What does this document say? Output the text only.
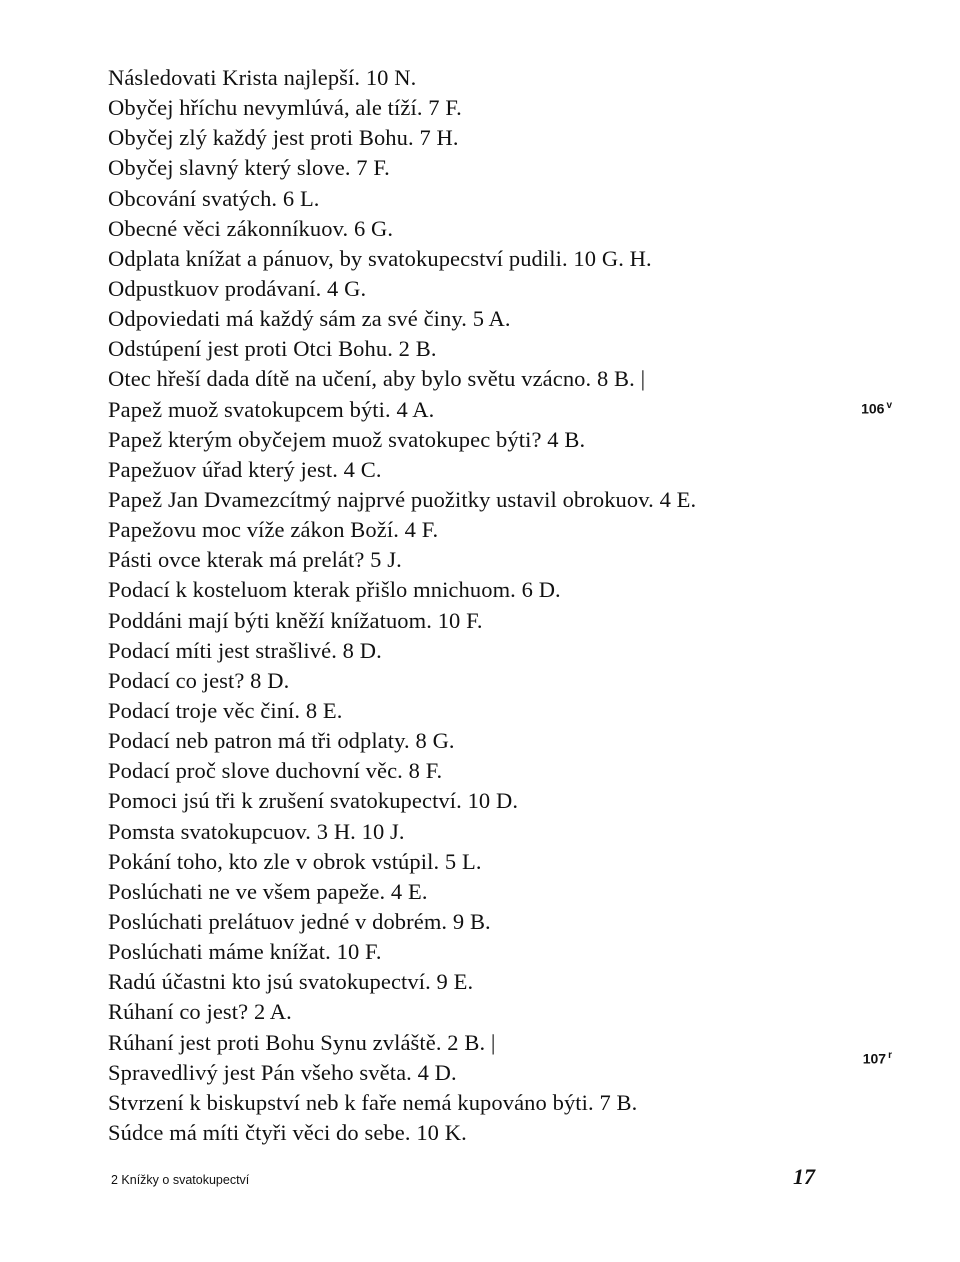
Následovati Krista najlepší. 10 N.
Obyčej hříchu nevymlúvá, ale tíží. 7 F.
Obyčej zlý každý jest proti Bohu. 7 H.
Obyčej slavný který slove. 7 F.
Obcování svatých. 6 L.
Obecné věci zákonníkuov. 6 G.
Odplata knížat a pánuov, by svatokupecství pudili. 10 G. H.
Odpustkuov prodávaní. 4 G.
Odpoviedati má každý sám za své činy. 5 A.
Odstúpení jest proti Otci Bohu. 2 B.
Otec hřeší dada dítě na učení, aby bylo světu vzácno. 8 B. |
Papež muož svatokupcem býti. 4 A.
Papež kterým obyčejem muož svatokupec býti? 4 B.
Papežuov úřad který jest. 4 C.
Papež Jan Dvamezcítmý najprvé puožitky ustavil obrokuov. 4 E.
Papežovu moc víže zákon Boží. 4 F.
Pásti ovce kterak má prelát? 5 J.
Podací k kosteluom kterak přišlo mnichuom. 6 D.
Poddáni mají býti kněží knížatuom. 10 F.
Podací míti jest strašlivé. 8 D.
Podací co jest? 8 D.
Podací troje věc činí. 8 E.
Podací neb patron má tři odplaty. 8 G.
Podací proč slove duchovní věc. 8 F.
Pomoci jsú tři k zrušení svatokupectví. 10 D.
Pomsta svatokupcuov. 3 H. 10 J.
Pokání toho, kto zle v obrok vstúpil. 5 L.
Poslúchati ne ve všem papeže. 4 E.
Poslúchati prelátuov jedné v dobrém. 9 B.
Poslúchati máme knížat. 10 F.
Radú účastni kto jsú svatokupectví. 9 E.
Rúhaní co jest? 2 A.
Rúhaní jest proti Bohu Synu zvláště. 2 B. |
Spravedlivý jest Pán všeho světa. 4 D.
Stvrzení k biskupství neb k faře nemá kupováno býti. 7 B.
Súdce má míti čtyři věci do sebe. 10 K.
106 $^v$
107 $^r$
2 Knížky o svatokupectví	17
